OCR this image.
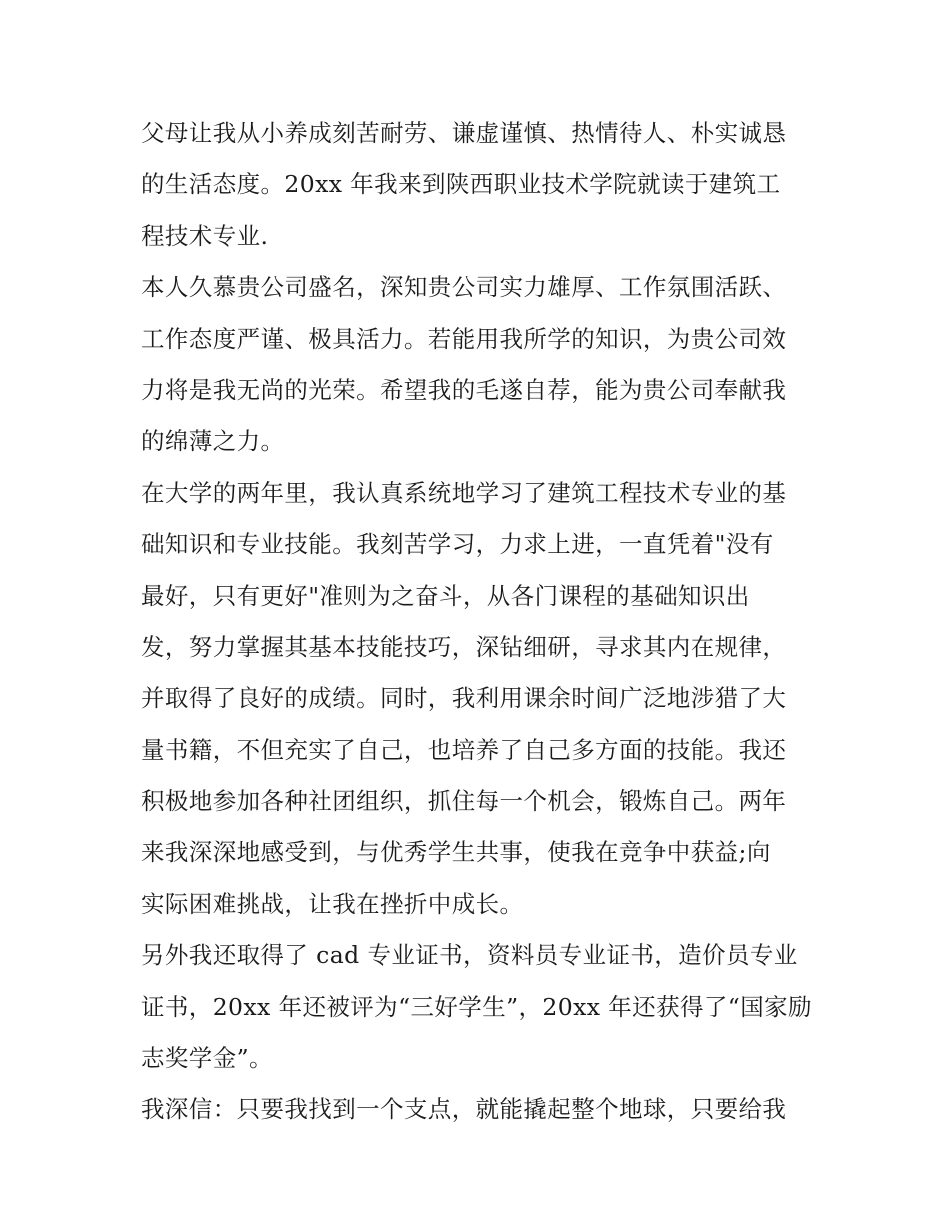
父母让我从小养成刻苦耐劳、谦虚谨慎、热情待人、朴实诚恳
的生活态度。20xx 年我来到陕西职业技术学院就读于建筑工
程技术专业.
本人久慕贵公司盛名，深知贵公司实力雄厚、工作氛围活跃、
工作态度严谨、极具活力。若能用我所学的知识，为贵公司效
力将是我无尚的光荣。希望我的毛遂自荐，能为贵公司奉献我
的绵薄之力。
在大学的两年里，我认真系统地学习了建筑工程技术专业的基
础知识和专业技能。我刻苦学习，力求上进，一直凭着"没有
最好，只有更好"准则为之奋斗，从各门课程的基础知识出
发，努力掌握其基本技能技巧，深钻细研，寻求其内在规律，
并取得了良好的成绩。同时，我利用课余时间广泛地涉猎了大
量书籍，不但充实了自己，也培养了自己多方面的技能。我还
积极地参加各种社团组织，抓住每一个机会，锻炼自己。两年
来我深深地感受到，与优秀学生共事，使我在竞争中获益;向
实际困难挑战，让我在挫折中成长。
另外我还取得了 cad 专业证书，资料员专业证书，造价员专业
证书，20xx 年还被评为“三好学生”，20xx 年还获得了“国家励
志奖学金”。
我深信：只要我找到一个支点，就能撬起整个地球，只要给我
